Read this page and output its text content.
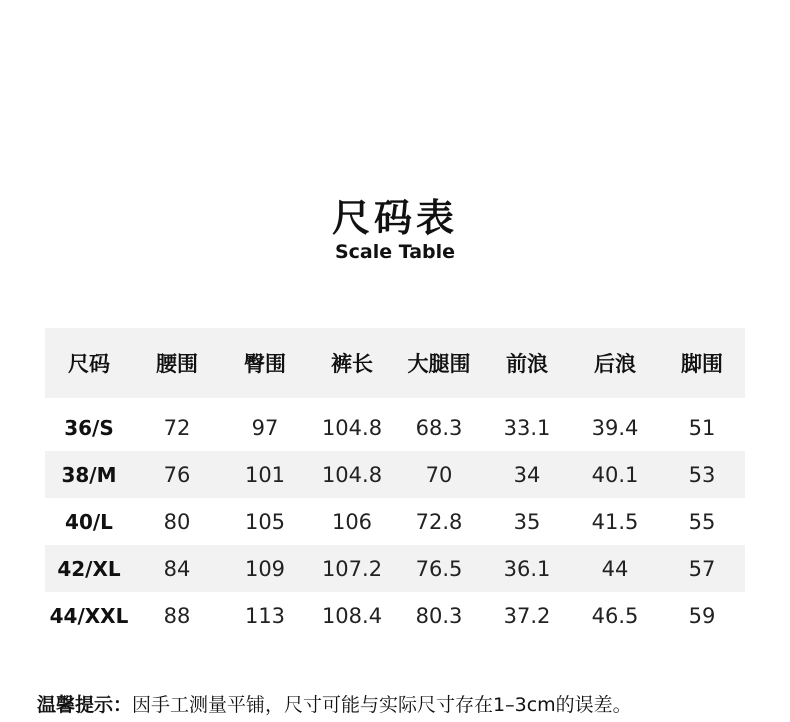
尺码表
Scale Table
尺码	腰围	臀围	裤长	大腿围	前浪	后浪	脚围

36/S	72	97	104.8	68.3	33.1	39.4	51
38/M	76	101	104.8	70	34	40.1	53
40/L	80	105	106	72.8	35	41.5	55
42/XL	84	109	107.2	76.5	36.1	44	57
44/XXL	88	113	108.4	80.3	37.2	46.5	59
温馨提示：因手工测量平铺，尺寸可能与实际尺寸存在1–3cm的误差。
